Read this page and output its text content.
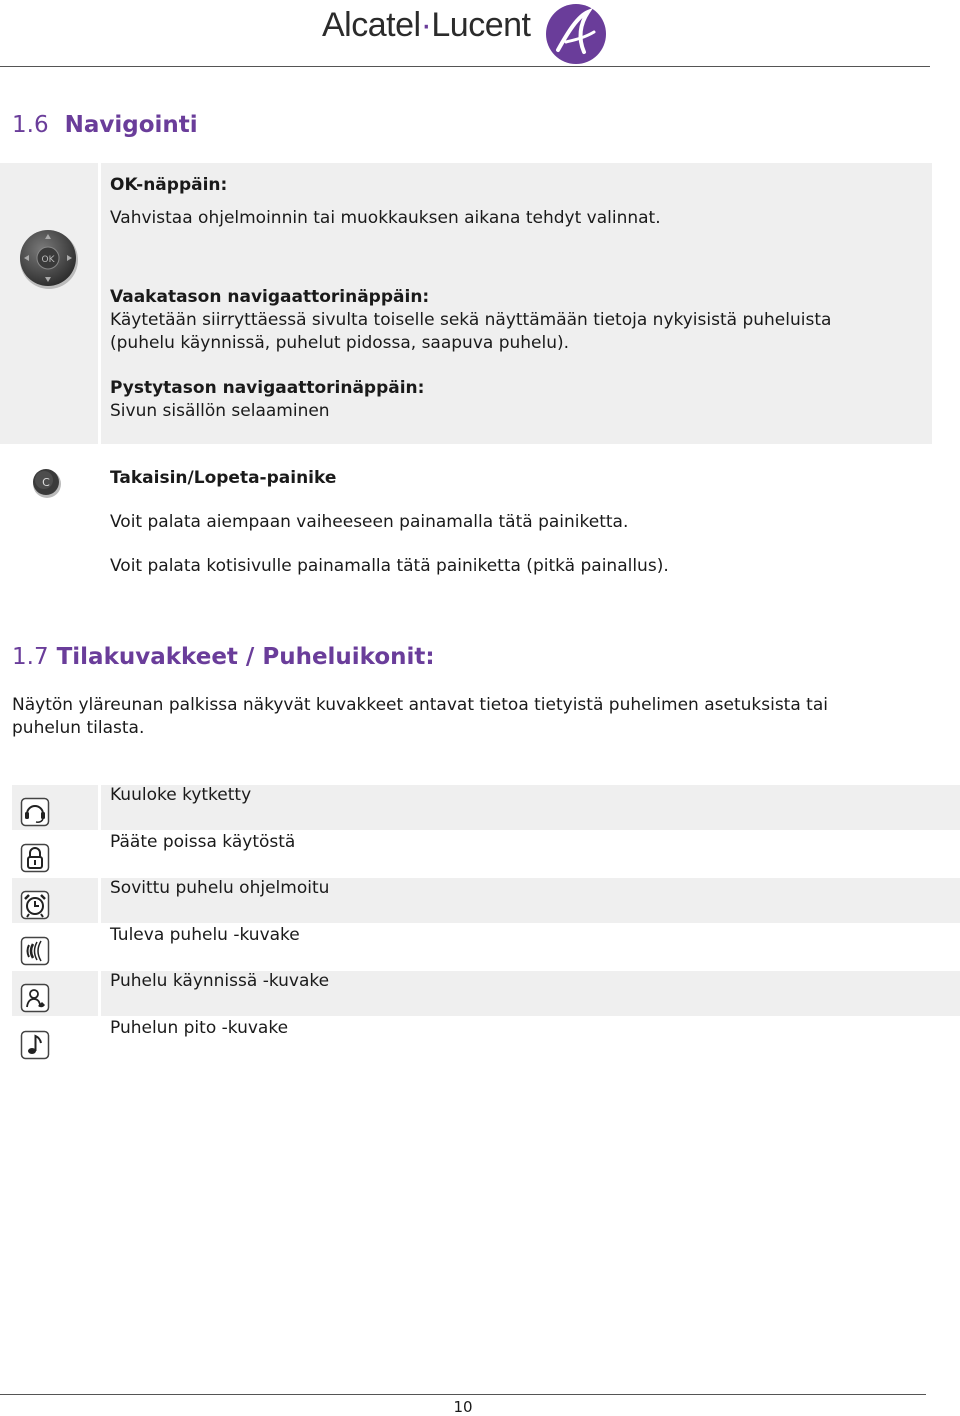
Alcatel·Lucent
1.6 Navigointi
OK
OK-näppäin:
Vahvistaa ohjelmoinnin tai muokkauksen aikana tehdyt valinnat.
Vaakatason navigaattorinäppäin:
Käytetään siirryttäessä sivulta toiselle sekä näyttämään tietoja nykyisistä puheluista
(puhelu käynnissä, puhelut pidossa, saapuva puhelu).
Pystytason navigaattorinäppäin:
Sivun sisällön selaaminen
C	Takaisin/Lopeta-painike
Voit palata aiempaan vaiheeseen painamalla tätä painiketta.
Voit palata kotisivulle painamalla tätä painiketta (pitkä painallus).
1.7 Tilakuvakkeet / Puheluikonit:
Näytön yläreunan palkissa näkyvät kuvakkeet antavat tietoa tietyistä puhelimen asetuksista tai
puhelun tilasta.
Kuuloke kytketty
Pääte poissa käytöstä
Sovittu puhelu ohjelmoitu
Tuleva puhelu -kuvake
Puhelu käynnissä -kuvake
Puhelun pito -kuvake
10
